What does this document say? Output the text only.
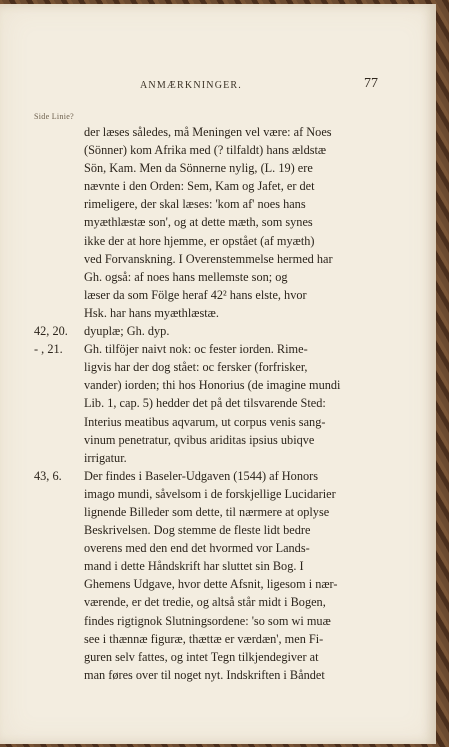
ANMÆRKNINGER.	77
Side Linie?
der læses således, må Meningen vel være: af Noes
(Sönner) kom Afrika med (? tilfaldt) hans ældstæ
Sön, Kam. Men da Sönnerne nylig, (L. 19) ere
nævnte i den Orden: Sem, Kam og Jafet, er det
rimeligere, der skal læses: 'kom af' noes hans
myæthlæstæ son', og at dette mæth, som synes
ikke der at hore hjemme, er opstået (af myæth)
ved Forvanskning. I Overenstemmelse hermed har
Gh. også: af noes hans mellemste son; og
læser da som Fölge heraf 42² hans elste, hvor
Hsk. har hans myæthlæstæ.
42, 20.	dyuplæ; Gh. dyp.
- , 21.	Gh. tilföjer naivt nok: oc fester iorden. Rime-
ligvis har der dog stået: oc fersker (forfrisker,
vander) iorden; thi hos Honorius (de imagine mundi
Lib. 1, cap. 5) hedder det på det tilsvarende Sted:
Interius meatibus aqvarum, ut corpus venis sang-
vinum penetratur, qvibus ariditas ipsius ubiqve
irrigatur.
43, 6.	Der findes i Baseler-Udgaven (1544) af Honors
imago mundi, såvelsom i de forskjellige Lucidarier
lignende Billeder som dette, til nærmere at oplyse
Beskrivelsen. Dog stemme de fleste lidt bedre
overens med den end det hvormed vor Lands-
mand i dette Håndskrift har sluttet sin Bog. I
Ghemens Udgave, hvor dette Afsnit, ligesom i nær-
værende, er det tredie, og altså står midt i Bogen,
findes rigtignok Slutningsordene: 'so som wi muæ
see i thænnæ figuræ, thættæ er værdæn', men Fi-
guren selv fattes, og intet Tegn tilkjendegiver at
man føres over til noget nyt. Indskriften i Båndet
